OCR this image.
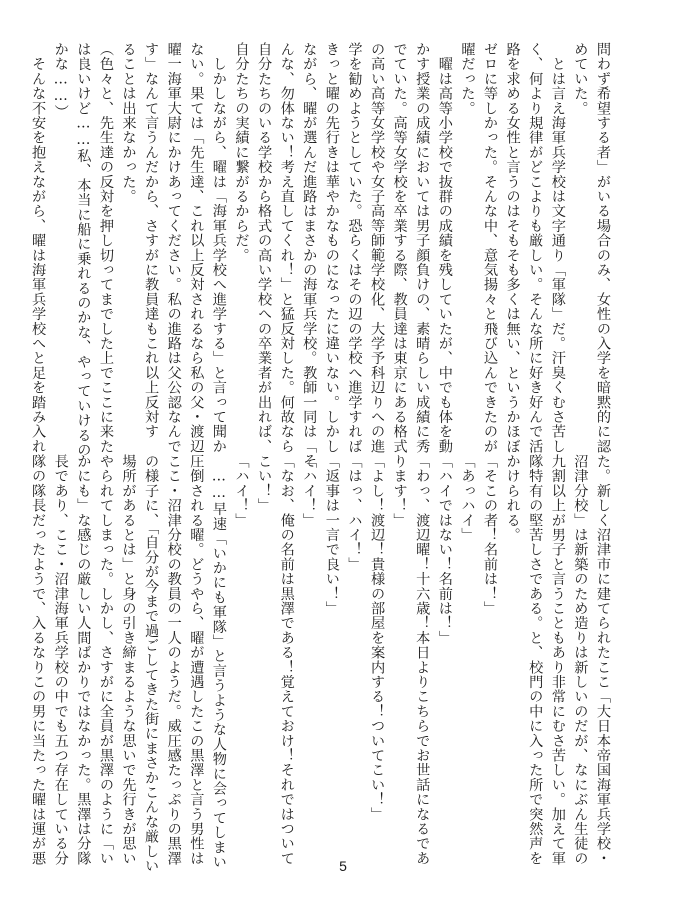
問わず希望する者」がいる場合のみ、女性の入学を暗黙的に認
めていた。
　とは言え海軍兵学校は文字通り「軍隊」だ。汗臭くむさ苦し
く、何より規律がどこよりも厳しい。そんな所に好き好んで活
路を求める女性と言うのはそもそも多くは無い、というかほぼ
ゼロに等しかった。そんな中、意気揚々と飛び込んできたのが
曜だった。
　曜は高等小学校で抜群の成績を残していたが、中でも体を動
かす授業の成績においては男子顔負けの、素晴らしい成績に秀
でていた。高等女学校を卒業する際、教員達は東京にある格式
の高い高等女学校や女子高等師範学校化、大学予科辺りへの進
学を勧めようとしていた。恐らくはその辺の学校へ進学すれば
きっと曜の先行きは華やかなものになったに違いない。しかし
ながら、曜が選んだ進路はまさかの海軍兵学校。教師一同は「そ
んな、勿体ない！考え直してくれ！」と猛反対した。何故なら
自分たちのいる学校から格式の高い学校への卒業者が出れば、
自分たちの実績に繋がるからだ。
　しかしながら、曜は「海軍兵学校へ進学する」と言って聞か
ない。果ては「先生達、これ以上反対されるなら私の父・渡辺
曜一海軍大尉にかけあってください。私の進路は父公認なんで
す」なんて言うんだから、さすがに教員達もこれ以上反対す
ることは出来なかった。
（色々と、先生達の反対を押し切ってまでした上でここに来た
は良いけど……私、本当に船に乗れるのかな、やっていけるの
かな……）
　そんな不安を抱えながら、曜は海軍兵学校へと足を踏み入れ
た。新しく沼津市に建てられたここ「大日本帝国海軍兵学校・
沼津分校」は新築のため造りは新しいのだが、なにぶん生徒の
九割以上が男子と言うこともあり非常にむさ苦しい。加えて軍
隊特有の堅苦しさである。と、校門の中に入った所で突然声を
かけられる。
「そこの者！名前は！」
「あっハイ」
「ハイではない！名前は！」
「わっ、渡辺曜！十六歳！本日よりこちらでお世話になるであ
ります！」
「よし！渡辺！貴様の部屋を案内する！ついてこい！」
「はっ、ハイ！」
「返事は一言で良い！」
「ハイ！」
「なお、俺の名前は黒澤である！覚えておけ！それではついて
こい！」
「ハイ！」
　……早速「いかにも軍隊」と言うような人物に会ってしまい
圧倒される曜。どうやら、曜が遭遇したこの黒澤と言う男性は
ここ・沼津分校の教員の一人のようだ。威圧感たっぷりの黒澤
の様子に、「自分が今まで過ごしてきた街にまさかこんな厳しい
場所があるとは」と身の引き締まるような思いで先行きが思い
やられてしまった。しかし、さすがに全員が黒澤のように「い
かにも」な感じの厳しい人間ばかりではなかった。黒澤は分隊
長であり、ここ・沼津海軍兵学校の中でも五つ存在している分
隊の隊長だったようで、入るなりこの男に当たった曜は運が悪
5
